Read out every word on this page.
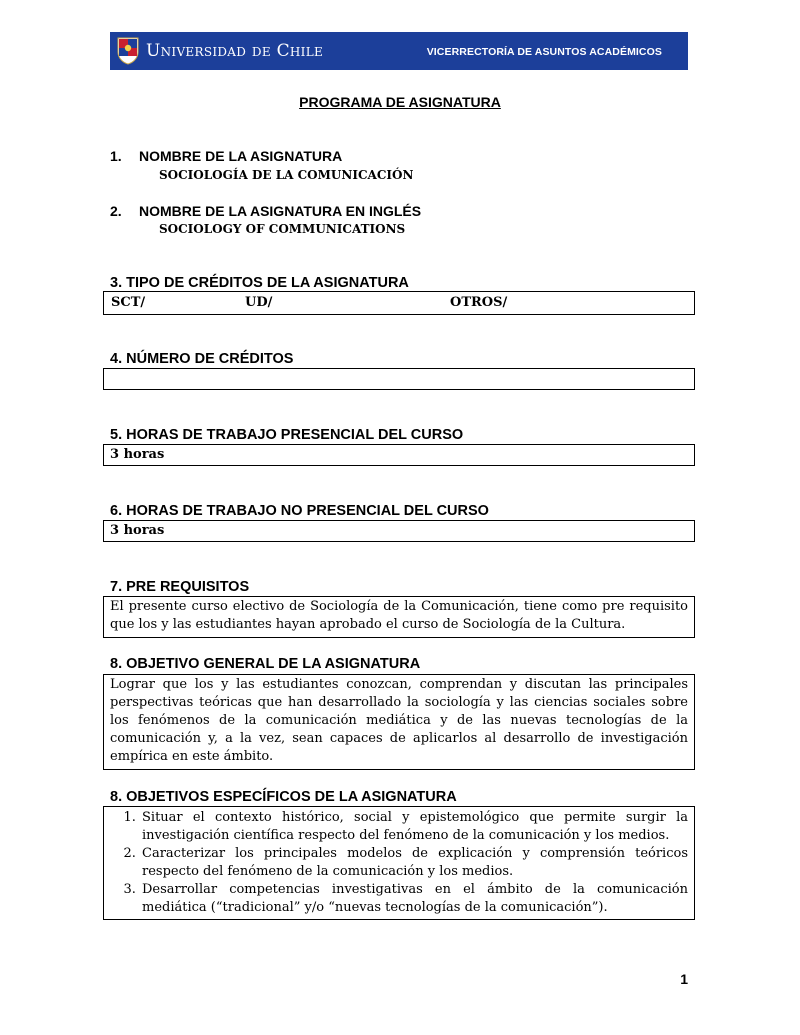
Universidad de Chile	VICERRECTORÍA DE ASUNTOS ACADÉMICOS
PROGRAMA DE ASIGNATURA
1. NOMBRE DE LA ASIGNATURA
SOCIOLOGÍA DE LA COMUNICACIÓN
2. NOMBRE DE LA ASIGNATURA EN INGLÉS
SOCIOLOGY OF COMMUNICATIONS
3. TIPO DE CRÉDITOS DE LA ASIGNATURA
SCT/	UD/	OTROS/
4. NÚMERO DE CRÉDITOS
5. HORAS DE TRABAJO PRESENCIAL DEL CURSO
3 horas
6. HORAS DE TRABAJO NO PRESENCIAL DEL CURSO
3 horas
7. PRE REQUISITOS
El presente curso electivo de Sociología de la Comunicación, tiene como pre requisito que los y las estudiantes hayan aprobado el curso de Sociología de la Cultura.
8. OBJETIVO GENERAL DE LA ASIGNATURA
Lograr que los y las estudiantes conozcan, comprendan y discutan las principales perspectivas teóricas que han desarrollado la sociología y las ciencias sociales sobre los fenómenos de la comunicación mediática y de las nuevas tecnologías de la comunicación y, a la vez, sean capaces de aplicarlos al desarrollo de investigación empírica en este ámbito.
8. OBJETIVOS ESPECÍFICOS DE LA ASIGNATURA
1. Situar el contexto histórico, social y epistemológico que permite surgir la investigación científica respecto del fenómeno de la comunicación y los medios.
2. Caracterizar los principales modelos de explicación y comprensión teóricos respecto del fenómeno de la comunicación y los medios.
3. Desarrollar competencias investigativas en el ámbito de la comunicación mediática (“tradicional” y/o “nuevas tecnologías de la comunicación”).
1
